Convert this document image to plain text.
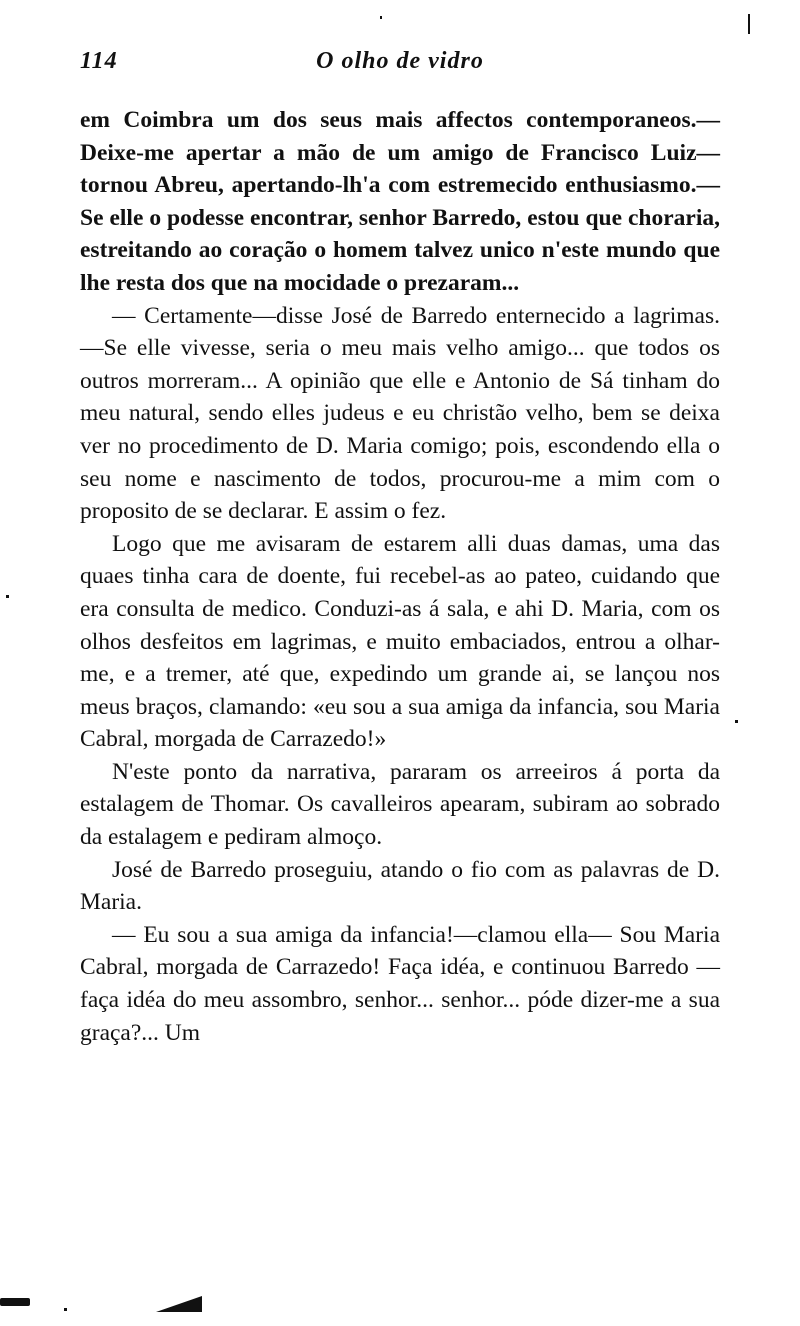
114	O olho de vidro

em Coimbra um dos seus mais affectos contemporaneos.—Deixe-me apertar a mão de um amigo de Francisco Luiz—tornou Abreu, apertando-lh'a com estremecido enthusiasmo.—Se elle o podesse encontrar, senhor Barredo, estou que choraria, estreitando ao coração o homem talvez unico n'este mundo que lhe resta dos que na mocidade o prezaram...

— Certamente—disse José de Barredo enternecido a lagrimas.—Se elle vivesse, seria o meu mais velho amigo... que todos os outros morreram... A opinião que elle e Antonio de Sá tinham do meu natural, sendo elles judeus e eu christão velho, bem se deixa ver no procedimento de D. Maria comigo; pois, escondendo ella o seu nome e nascimento de todos, procurou-me a mim com o proposito de se declarar. E assim o fez.

Logo que me avisaram de estarem alli duas damas, uma das quaes tinha cara de doente, fui recebel-as ao pateo, cuidando que era consulta de medico. Conduzi-as á sala, e ahi D. Maria, com os olhos desfeitos em lagrimas, e muito embaciados, entrou a olhar-me, e a tremer, até que, expedindo um grande ai, se lançou nos meus braços, clamando: «eu sou a sua amiga da infancia, sou Maria Cabral, morgada de Carrazedo!»

N'este ponto da narrativa, pararam os arreeiros á porta da estalagem de Thomar. Os cavalleiros apearam, subiram ao sobrado da estalagem e pediram almoço.

José de Barredo proseguiu, atando o fio com as palavras de D. Maria.

— Eu sou a sua amiga da infancia!—clamou ella— Sou Maria Cabral, morgada de Carrazedo! Faça idéa, e continuou Barredo — faça idéa do meu assombro, senhor... senhor... póde dizer-me a sua graça?... Um
